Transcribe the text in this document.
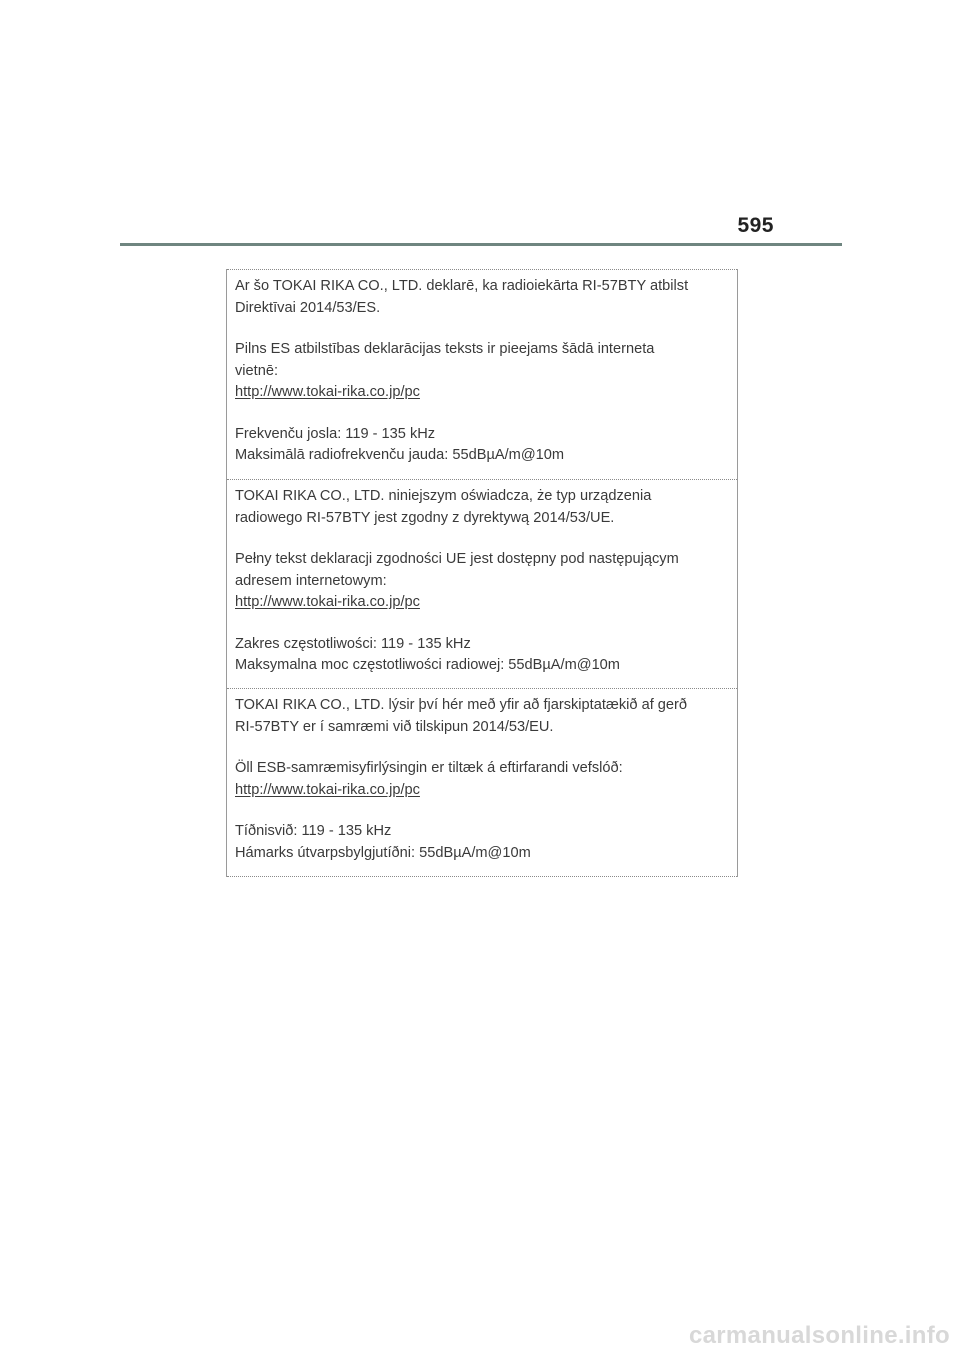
595

Ar šo TOKAI RIKA CO., LTD. deklarē, ka radioiekārta RI-57BTY atbilst

Direktīvai 2014/53/ES.

Pilns ES atbilstības deklarācijas teksts ir pieejams šādā interneta

vietnē:

http://www.tokai-rika.co.jp/pc

Frekvenču josla: 119 - 135 kHz

Maksimālā radiofrekvenču jauda: 55dBµA/m@10m

TOKAI RIKA CO., LTD. niniejszym oświadcza, że typ urządzenia

radiowego RI-57BTY jest zgodny z dyrektywą 2014/53/UE.

Pełny tekst deklaracji zgodności UE jest dostępny pod następującym

adresem internetowym:

http://www.tokai-rika.co.jp/pc

Zakres częstotliwości: 119 - 135 kHz

Maksymalna moc częstotliwości radiowej: 55dBµA/m@10m

TOKAI RIKA CO., LTD. lýsir því hér með yfir að fjarskiptatækið af gerð

RI-57BTY er í samræmi við tilskipun 2014/53/EU.

Öll ESB-samræmisyfirlýsingin er tiltæk á eftirfarandi vefslóð:

http://www.tokai-rika.co.jp/pc

Tíðnisvið: 119 - 135 kHz

Hámarks útvarpsbylgjutíðni: 55dBµA/m@10m

carmanualsonline.info
